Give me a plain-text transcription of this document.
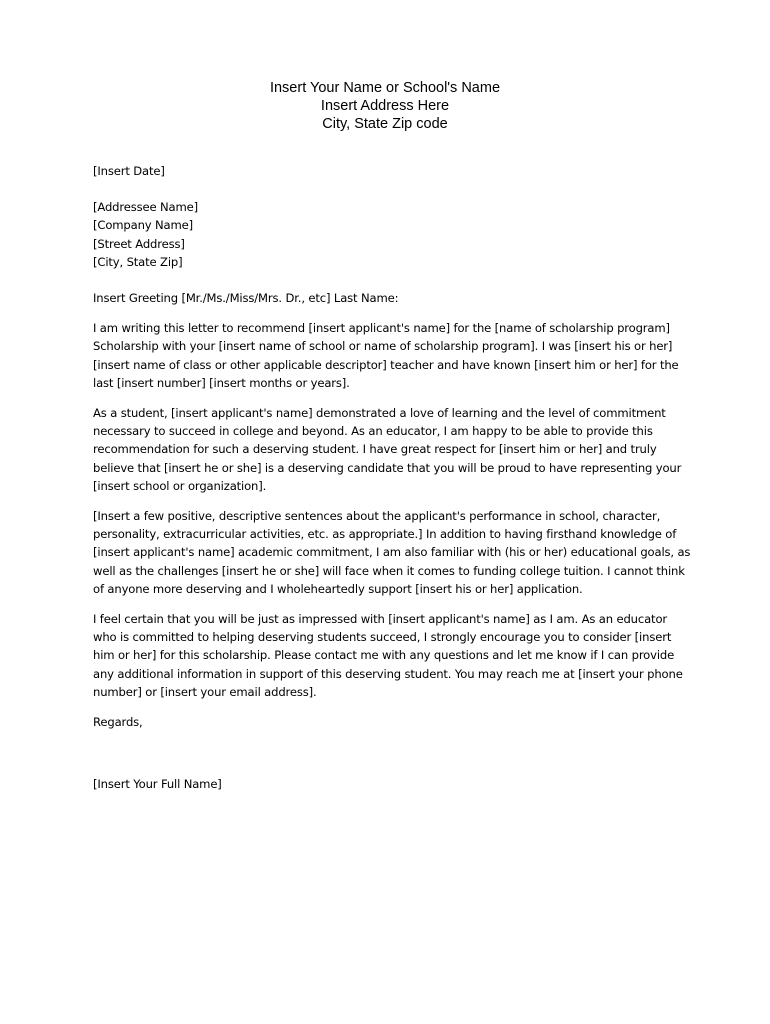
Insert Your Name or School's Name
Insert Address Here
City, State Zip code

[Insert Date]

[Addressee Name]

[Company Name]

[Street Address]

[City, State Zip]

Insert Greeting [Mr./Ms./Miss/Mrs. Dr., etc] Last Name:

I am writing this letter to recommend [insert applicant's name] for the [name of scholarship program]
Scholarship with your [insert name of school or name of scholarship program]. I was [insert his or her]
[insert name of class or other applicable descriptor] teacher and have known [insert him or her] for the
last [insert number] [insert months or years].

As a student, [insert applicant's name] demonstrated a love of learning and the level of commitment
necessary to succeed in college and beyond. As an educator, I am happy to be able to provide this
recommendation for such a deserving student. I have great respect for [insert him or her] and truly
believe that [insert he or she] is a deserving candidate that you will be proud to have representing your
[insert school or organization].

[Insert a few positive, descriptive sentences about the applicant's performance in school, character,
personality, extracurricular activities, etc. as appropriate.] In addition to having firsthand knowledge of
[insert applicant's name] academic commitment, I am also familiar with (his or her) educational goals, as
well as the challenges [insert he or she] will face when it comes to funding college tuition. I cannot think
of anyone more deserving and I wholeheartedly support [insert his or her] application.

I feel certain that you will be just as impressed with [insert applicant's name] as I am. As an educator
who is committed to helping deserving students succeed, I strongly encourage you to consider [insert
him or her] for this scholarship. Please contact me with any questions and let me know if I can provide
any additional information in support of this deserving student. You may reach me at [insert your phone
number] or [insert your email address].

Regards,

[Insert Your Full Name]
